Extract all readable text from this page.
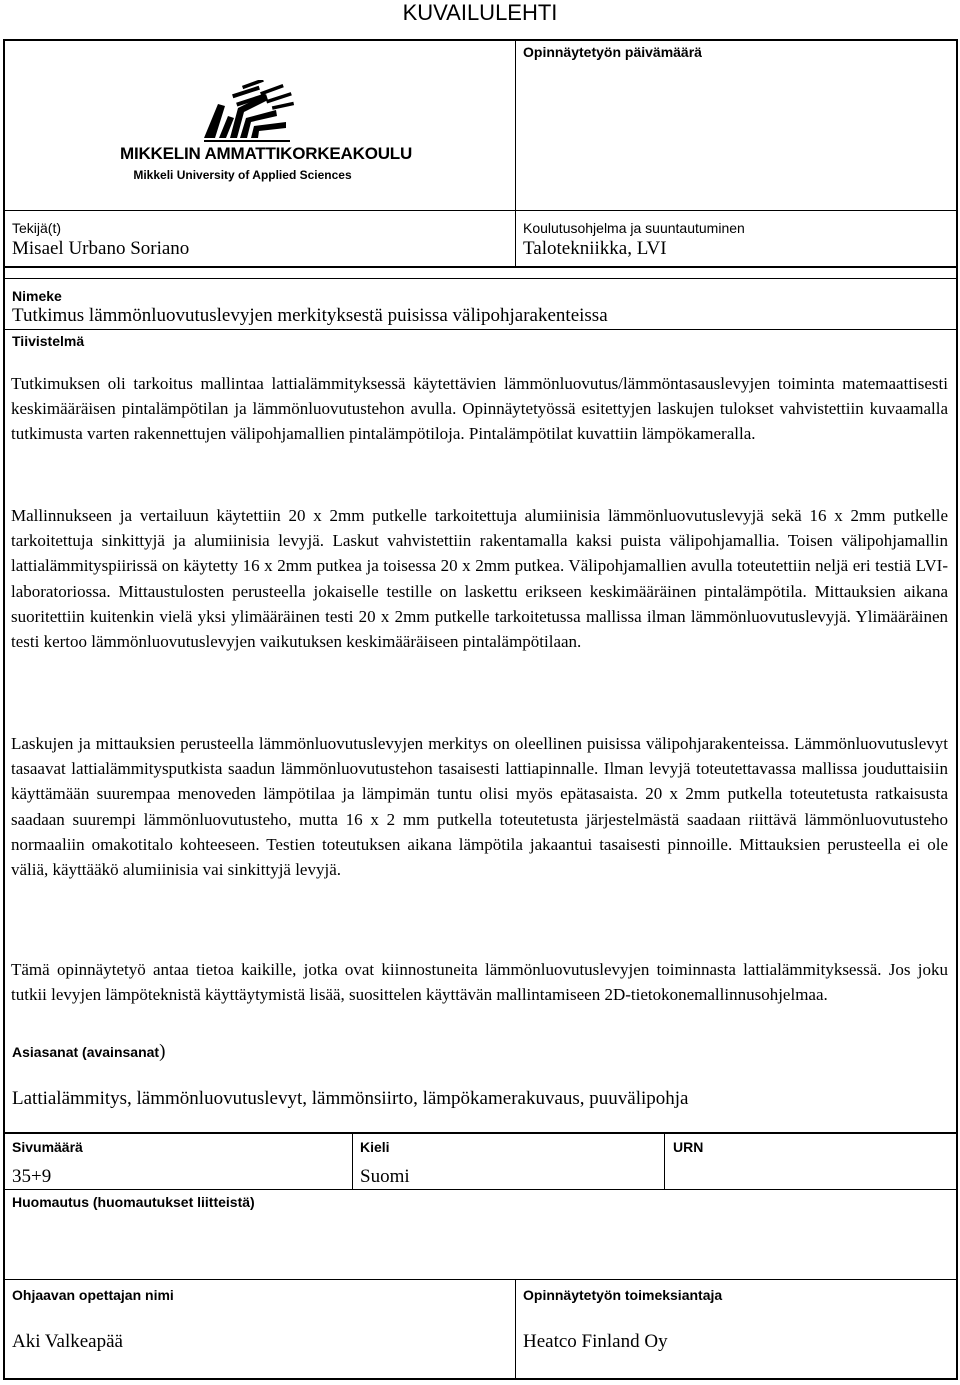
KUVAILULEHTI
Opinnäytetyön päivämäärä
MIKKELIN AMMATTIKORKEAKOULU
Mikkeli University of Applied Sciences
Tekijä(t)
Misael Urbano Soriano
Koulutusohjelma ja suuntautuminen
Talotekniikka, LVI
Nimeke
Tutkimus lämmönluovutuslevyjen merkityksestä puisissa välipohjarakenteissa
Tiivistelmä

Tutkimuksen oli tarkoitus mallintaa lattialämmityksessä käytettävien lämmönluovutus/lämmöntasauslevyjen toiminta matemaattisesti keskimääräisen pintalämpötilan ja lämmönluovutustehon avulla. Opinnäytetyössä esitettyjen laskujen tulokset vahvistettiin kuvaamalla tutkimusta varten rakennettujen välipohjamallien pintalämpötiloja. Pintalämpötilat kuvattiin lämpökameralla.

Mallinnukseen ja vertailuun käytettiin 20 x 2mm putkelle tarkoitettuja alumiinisia lämmönluovutuslevyjä sekä 16 x 2mm putkelle tarkoitettuja sinkittyjä ja alumiinisia levyjä. Laskut vahvistettiin rakentamalla kaksi puista välipohjamallia. Toisen välipohjamallin lattialämmityspiirissä on käytetty 16 x 2mm putkea ja toisessa 20 x 2mm putkea. Välipohjamallien avulla toteutettiin neljä eri testiä LVI-laboratoriossa. Mittaustulosten perusteella jokaiselle testille on laskettu erikseen keskimääräinen pintalämpötila. Mittauksien aikana suoritettiin kuitenkin vielä yksi ylimääräinen testi 20 x 2mm putkelle tarkoitetussa mallissa ilman lämmönluovutuslevyjä. Ylimääräinen testi kertoo lämmönluovutuslevyjen vaikutuksen keskimääräiseen pintalämpötilaan.

Laskujen ja mittauksien perusteella lämmönluovutuslevyjen merkitys on oleellinen puisissa välipohjarakenteissa. Lämmönluovutuslevyt tasaavat lattialämmitysputkista saadun lämmönluovutustehon tasaisesti lattiapinnalle. Ilman levyjä toteutettavassa mallissa jouduttaisiin käyttämään suurempaa menoveden lämpötilaa ja lämpimän tuntu olisi myös epätasaista. 20 x 2mm putkella toteutetusta ratkaisusta saadaan suurempi lämmönluovutusteho, mutta 16 x 2 mm putkella toteutetusta järjestelmästä saadaan riittävä lämmönluovutusteho normaaliin omakotitalo kohteeseen. Testien toteutuksen aikana lämpötila jakaantui tasaisesti pinnoille. Mittauksien perusteella ei ole väliä, käyttääkö alumiinisia vai sinkittyjä levyjä.

Tämä opinnäytetyö antaa tietoa kaikille, jotka ovat kiinnostuneita lämmönluovutuslevyjen toiminnasta lattialämmityksessä. Jos joku tutkii levyjen lämpöteknistä käyttäytymistä lisää, suosittelen käyttävän mallintamiseen 2D-tietokonemallinnusohjelmaa.

Asiasanat (avainsanat)
Lattialämmitys, lämmönluovutuslevyt, lämmönsiirto, lämpökamerakuvaus, puuvälipohja
Sivumäärä
35+9
Kieli
Suomi
URN
Huomautus (huomautukset liitteistä)
Ohjaavan opettajan nimi
Aki Valkeapää
Opinnäytetyön toimeksiantaja
Heatco Finland Oy
